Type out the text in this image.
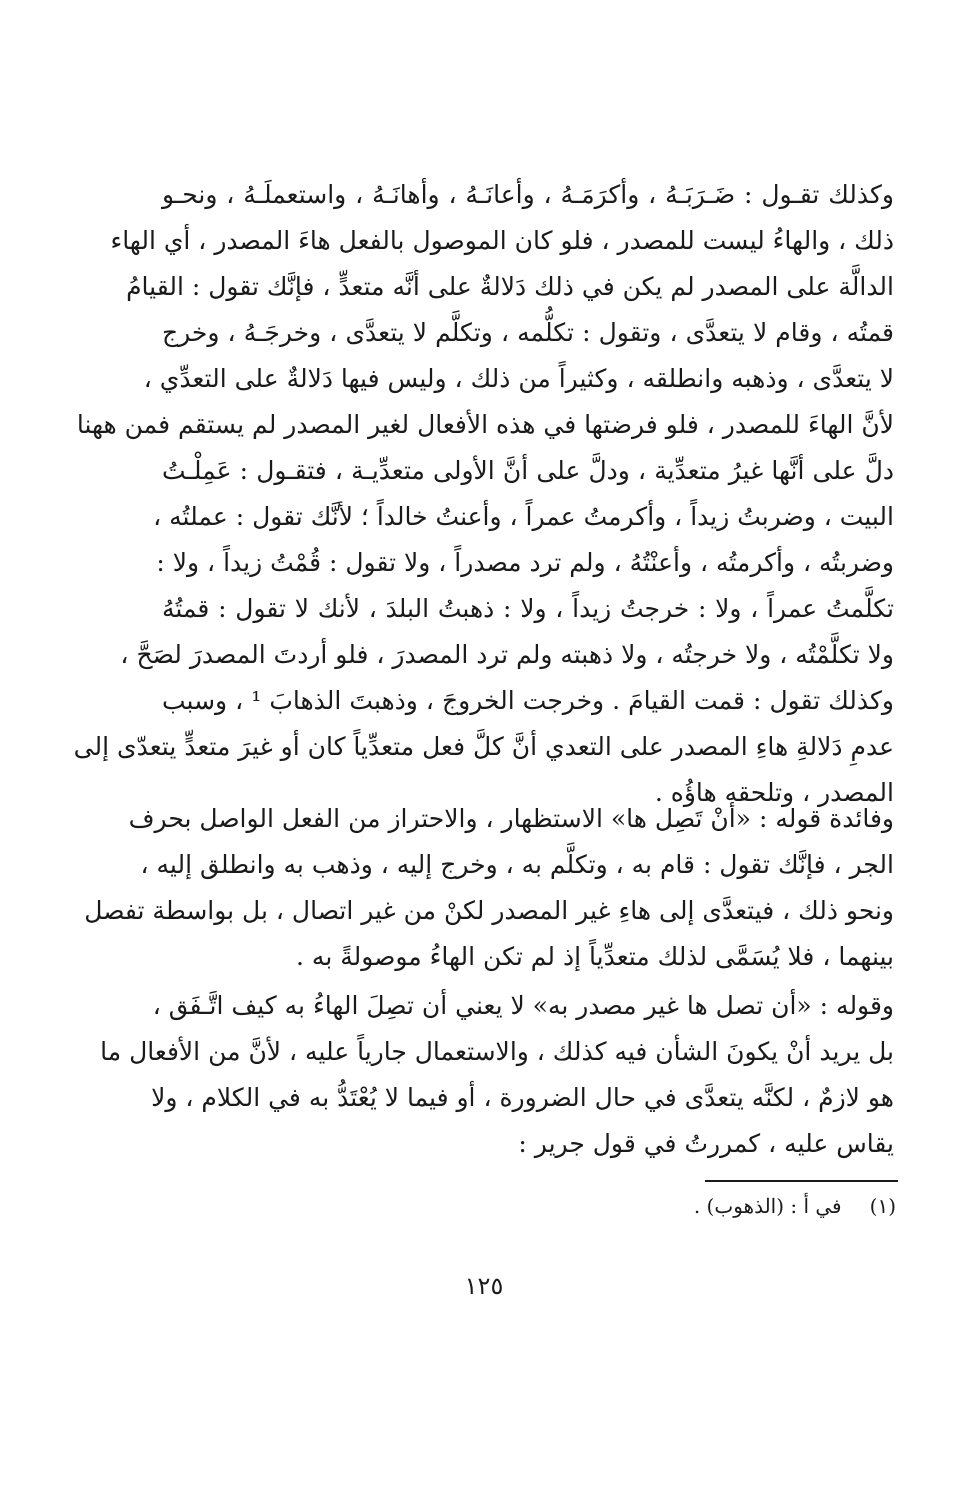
وكذلك تقـول : ضَـرَبَـهُ ، وأكرَمَـهُ ، وأعانَـهُ ، وأهانَـهُ ، واستعملَـهُ ، ونحـو
ذلك ، والهاءُ ليست للمصدر ، فلو كان الموصول بالفعل هاءَ المصدر ، أي الهاء
الدالَّة على المصدر لم يكن في ذلك دَلالةٌ على أنَّه متعدٍّ ، فإنَّك تقول : القيامُ
قمتُه ، وقام لا يتعدَّى ، وتقول : تكلُّمه ، وتكلَّم لا يتعدَّى ، وخرجَـهُ ، وخرج
لا يتعدَّى ، وذهبه وانطلقه ، وكثيراً من ذلك ، وليس فيها دَلالةٌ على التعدِّي ،
لأنَّ الهاءَ للمصدر ، فلو فرضتها في هذه الأفعال لغير المصدر لم يستقم فمن ههنا
دلَّ على أنَّها غيرُ متعدِّية ، ودلَّ على أنَّ الأولى متعدِّيـة ، فتقـول : عَمِلْـتُ
البيت ، وضربتُ زيداً ، وأكرمتُ عمراً ، وأعنتُ خالداً ؛ لأنَّك تقول : عملتُه ،
وضربتُه ، وأكرمتُه ، وأعنْتُهُ ، ولم ترد مصدراً ، ولا تقول : قُمْتُ زيداً ، ولا :
تكلَّمتُ عمراً ، ولا : خرجتُ زيداً ، ولا : ذهبتُ البلدَ ، لأنك لا تقول : قمتُهُ
ولا تكلَّمْتُه ، ولا خرجتُه ، ولا ذهبته ولم ترد المصدرَ ، فلو أردتَ المصدرَ لصَحَّ ،
وكذلك تقول : قمت القيامَ . وخرجت الخروجَ ، وذهبتَ الذهابَ ¹ ، وسبب
عدمِ دَلالةِ هاءِ المصدر على التعدي أنَّ كلَّ فعل متعدِّياً كان أو غيرَ متعدٍّ يتعدّى إلى
المصدر ، وتلحقه هاؤُه .
وفائدة قوله : «أنْ تَصِل ها» الاستظهار ، والاحتراز من الفعل الواصل بحرف
الجر ، فإنَّك تقول : قام به ، وتكلَّم به ، وخرج إليه ، وذهب به وانطلق إليه ،
ونحو ذلك ، فيتعدَّى إلى هاءِ غير المصدر لكنْ من غير اتصال ، بل بواسطة تفصل
بينهما ، فلا يُسَمَّى لذلك متعدِّياً إذ لم تكن الهاءُ موصولةً به .
وقوله : «أن تصل ها غير مصدر به» لا يعني أن تصِلَ الهاءُ به كيف اتَّـفَق ،
بل يريد أنْ يكونَ الشأن فيه كذلك ، والاستعمال جارياً عليه ، لأنَّ من الأفعال ما
هو لازمٌ ، لكنَّه يتعدَّى في حال الضرورة ، أو فيما لا يُعْتَدُّ به في الكلام ، ولا
يقاس عليه ، كمررتُ في قول جرير :
(١)في أ : (الذهوب) .
١٢٥
